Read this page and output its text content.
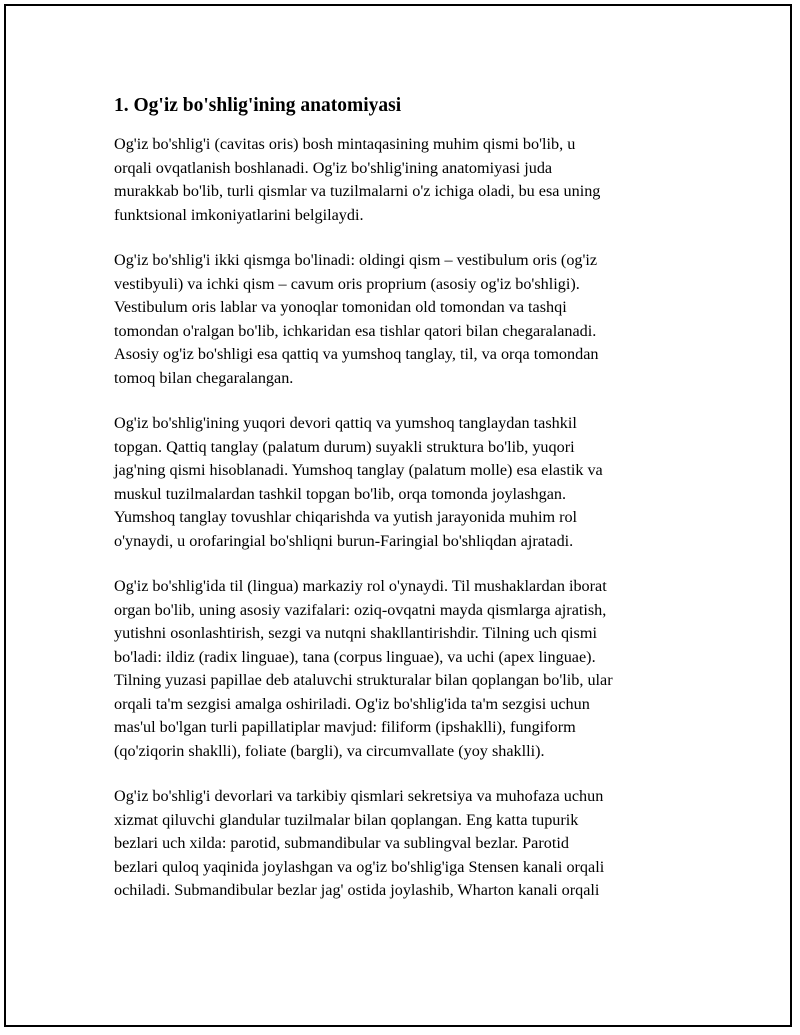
1. Og'iz bo'shlig'ining anatomiyasi
Og'iz bo'shlig'i (cavitas oris) bosh mintaqasining muhim qismi bo'lib, u
orqali ovqatlanish boshlanadi. Og'iz bo'shlig'ining anatomiyasi juda
murakkab bo'lib, turli qismlar va tuzilmalarni o'z ichiga oladi, bu esa uning
funktsional imkoniyatlarini belgilaydi.
Og'iz bo'shlig'i ikki qismga bo'linadi: oldingi qism – vestibulum oris (og'iz
vestibyuli) va ichki qism – cavum oris proprium (asosiy og'iz bo'shligi).
Vestibulum oris lablar va yonoqlar tomonidan old tomondan va tashqi
tomondan o'ralgan bo'lib, ichkaridan esa tishlar qatori bilan chegaralanadi.
Asosiy og'iz bo'shligi esa qattiq va yumshoq tanglay, til, va orqa tomondan
tomoq bilan chegaralangan.
Og'iz bo'shlig'ining yuqori devori qattiq va yumshoq tanglaydan tashkil
topgan. Qattiq tanglay (palatum durum) suyakli struktura bo'lib, yuqori
jag'ning qismi hisoblanadi. Yumshoq tanglay (palatum molle) esa elastik va
muskul tuzilmalardan tashkil topgan bo'lib, orqa tomonda joylashgan.
Yumshoq tanglay tovushlar chiqarishda va yutish jarayonida muhim rol
o'ynaydi, u orofaringial bo'shliqni burun-Faringial bo'shliqdan ajratadi.
Og'iz bo'shlig'ida til (lingua) markaziy rol o'ynaydi. Til mushaklardan iborat
organ bo'lib, uning asosiy vazifalari: oziq-ovqatni mayda qismlarga ajratish,
yutishni osonlashtirish, sezgi va nutqni shakllantirishdir. Tilning uch qismi
bo'ladi: ildiz (radix linguae), tana (corpus linguae), va uchi (apex linguae).
Tilning yuzasi papillae deb ataluvchi strukturalar bilan qoplangan bo'lib, ular
orqali ta'm sezgisi amalga oshiriladi. Og'iz bo'shlig'ida ta'm sezgisi uchun
mas'ul bo'lgan turli papillatiplar mavjud: filiform (ipshaklli), fungiform
(qo'ziqorin shaklli), foliate (bargli), va circumvallate (yoy shaklli).
Og'iz bo'shlig'i devorlari va tarkibiy qismlari sekretsiya va muhofaza uchun
xizmat qiluvchi glandular tuzilmalar bilan qoplangan. Eng katta tupurik
bezlari uch xilda: parotid, submandibular va sublingval bezlar. Parotid
bezlari quloq yaqinida joylashgan va og'iz bo'shlig'iga Stensen kanali orqali
ochiladi. Submandibular bezlar jag' ostida joylashib, Wharton kanali orqali
